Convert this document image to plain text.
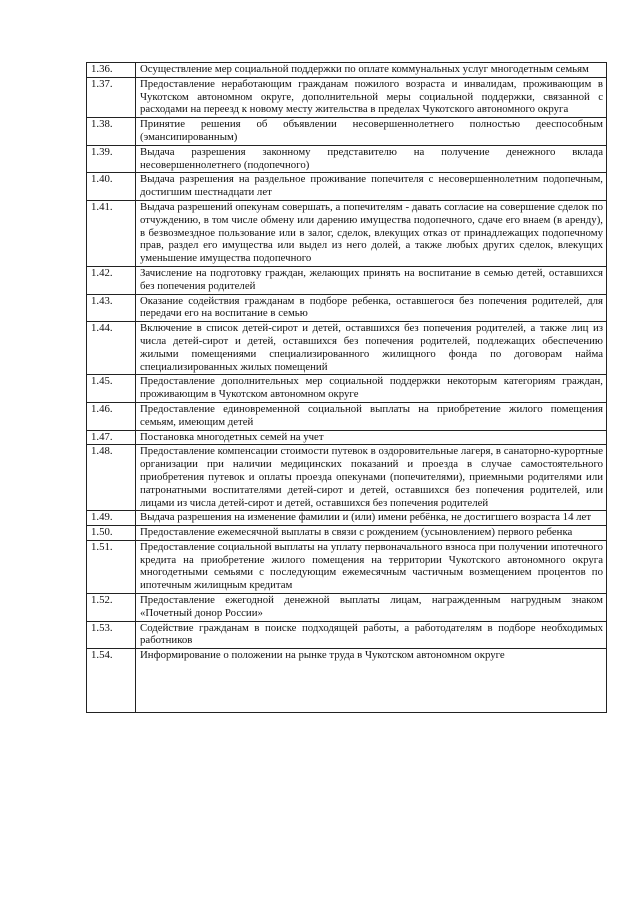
1.36.	Осуществление мер социальной поддержки по оплате коммунальных услуг многодетным семьям
1.37.	Предоставление неработающим гражданам пожилого возраста и инвалидам, проживающим в Чукотском автономном округе, дополнительной меры социальной поддержки, связанной с расходами на переезд к новому месту жительства в пределах Чукотского автономного округа
1.38.	Принятие решения об объявлении несовершеннолетнего полностью дееспособным (эмансипированным)
1.39.	Выдача разрешения законному представителю на получение денежного вклада несовершеннолетнего (подопечного)
1.40.	Выдача разрешения на раздельное проживание попечителя с несовершеннолетним подопечным, достигшим шестнадцати лет
1.41.	Выдача разрешений опекунам совершать, а попечителям - давать согласие на совершение сделок по отчуждению, в том числе обмену или дарению имущества подопечного, сдаче его внаем (в аренду), в безвозмездное пользование или в залог, сделок, влекущих отказ от принадлежащих подопечному прав, раздел его имущества или выдел из него долей, а также любых других сделок, влекущих уменьшение имущества подопечного
1.42.	Зачисление на подготовку граждан, желающих принять на воспитание в семью детей, оставшихся без попечения родителей
1.43.	Оказание содействия гражданам в подборе ребенка, оставшегося без попечения родителей, для передачи его на воспитание в семью
1.44.	Включение в список детей-сирот и детей, оставшихся без попечения родителей, а также лиц из числа детей-сирот и детей, оставшихся без попечения родителей, подлежащих обеспечению жилыми помещениями специализированного жилищного фонда по договорам найма специализированных жилых помещений
1.45.	Предоставление дополнительных мер социальной поддержки некоторым категориям граждан, проживающим в Чукотском автономном округе
1.46.	Предоставление единовременной социальной выплаты на приобретение жилого помещения семьям, имеющим детей
1.47.	Постановка многодетных семей на учет
1.48.	Предоставление компенсации стоимости путевок в оздоровительные лагеря, в санаторно-курортные организации при наличии медицинских показаний и проезда в случае самостоятельного приобретения путевок и оплаты проезда опекунами (попечителями), приемными родителями или патронатными воспитателями детей-сирот и детей, оставшихся без попечения родителей, или лицами из числа детей-сирот и детей, оставшихся без попечения родителей
1.49.	Выдача разрешения на изменение фамилии и (или) имени ребёнка, не достигшего возраста 14 лет
1.50.	Предоставление ежемесячной выплаты в связи с рождением (усыновлением) первого ребенка
1.51.	Предоставление социальной выплаты на уплату первоначального взноса при получении ипотечного кредита на приобретение жилого помещения на территории Чукотского автономного округа многодетными семьями с последующим ежемесячным частичным возмещением процентов по ипотечным жилищным кредитам
1.52.	Предоставление ежегодной денежной выплаты лицам, награжденным нагрудным знаком «Почетный донор России»
1.53.	Содействие гражданам в поиске подходящей работы, а работодателям в подборе необходимых работников
1.54.	Информирование о положении на рынке труда в Чукотском автономном округе
